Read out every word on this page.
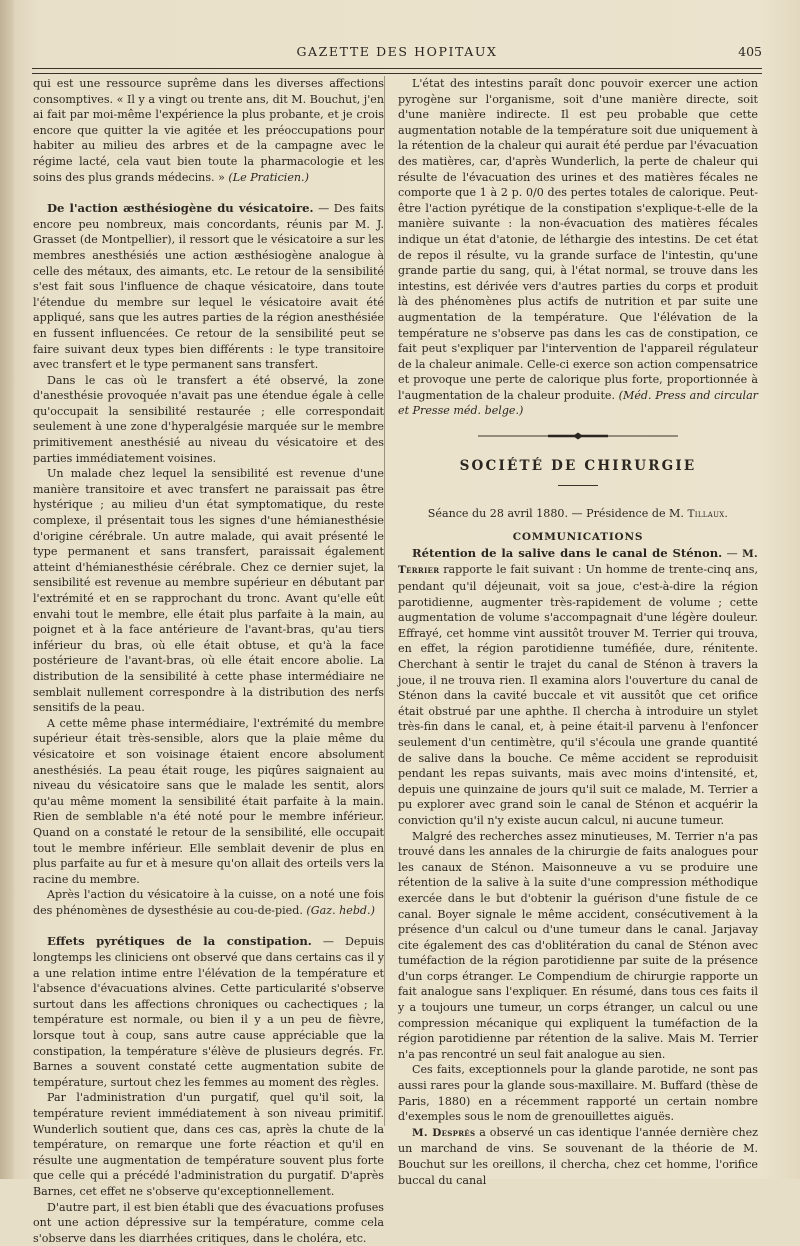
GAZETTE DES HOPITAUX	405

qui est une ressource suprême dans les diverses affections consomptives. « Il y a vingt ou trente ans, dit M. Bouchut, j'en ai fait par moi-même l'expérience la plus probante, et je crois encore que quitter la vie agitée et les préoccupations pour habiter au milieu des arbres et de la campagne avec le régime lacté, cela vaut bien toute la pharmacologie et les soins des plus grands médecins. » (Le Praticien.)

De l'action æsthésiogène du vésicatoire. — Des faits encore peu nombreux, mais concordants, réunis par M. J. Grasset (de Montpellier), il ressort que le vésicatoire a sur les membres anesthésiés une action æsthésiogène analogue à celle des métaux, des aimants, etc. Le retour de la sensibilité s'est fait sous l'influence de chaque vésicatoire, dans toute l'étendue du membre sur lequel le vésicatoire avait été appliqué, sans que les autres parties de la région anesthésiée en fussent influencées. Ce retour de la sensibilité peut se faire suivant deux types bien différents : le type transitoire avec transfert et le type permanent sans transfert.

Dans le cas où le transfert a été observé, la zone d'anesthésie provoquée n'avait pas une étendue égale à celle qu'occupait la sensibilité restaurée ; elle correspondait seulement à une zone d'hyperalgésie marquée sur le membre primitivement anesthésié au niveau du vésicatoire et des parties immédiatement voisines.

Un malade chez lequel la sensibilité est revenue d'une manière transitoire et avec transfert ne paraissait pas être hystérique ; au milieu d'un état symptomatique, du reste complexe, il présentait tous les signes d'une hémianesthésie d'origine cérébrale. Un autre malade, qui avait présenté le type permanent et sans transfert, paraissait également atteint d'hémianesthésie cérébrale. Chez ce dernier sujet, la sensibilité est revenue au membre supérieur en débutant par l'extrémité et en se rapprochant du tronc. Avant qu'elle eût envahi tout le membre, elle était plus parfaite à la main, au poignet et à la face antérieure de l'avant-bras, qu'au tiers inférieur du bras, où elle était obtuse, et qu'à la face postérieure de l'avant-bras, où elle était encore abolie. La distribution de la sensibilité à cette phase intermédiaire ne semblait nullement correspondre à la distribution des nerfs sensitifs de la peau.

A cette même phase intermédiaire, l'extrémité du membre supérieur était très-sensible, alors que la plaie même du vésicatoire et son voisinage étaient encore absolument anesthésiés. La peau était rouge, les piqûres saignaient au niveau du vésicatoire sans que le malade les sentit, alors qu'au même moment la sensibilité était parfaite à la main. Rien de semblable n'a été noté pour le membre inférieur. Quand on a constaté le retour de la sensibilité, elle occupait tout le membre inférieur. Elle semblait devenir de plus en plus parfaite au fur et à mesure qu'on allait des orteils vers la racine du membre.

Après l'action du vésicatoire à la cuisse, on a noté une fois des phénomènes de dysesthésie au cou-de-pied. (Gaz. hebd.)

Effets pyrétiques de la constipation. — Depuis longtemps les cliniciens ont observé que dans certains cas il y a une relation intime entre l'élévation de la température et l'absence d'évacuations alvines. Cette particularité s'observe surtout dans les affections chroniques ou cachectiques ; la température est normale, ou bien il y a un peu de fièvre, lorsque tout à coup, sans autre cause appréciable que la constipation, la température s'élève de plusieurs degrés. Fr. Barnes a souvent constaté cette augmentation subite de température, surtout chez les femmes au moment des règles.

Par l'administration d'un purgatif, quel qu'il soit, la température revient immédiatement à son niveau primitif. Wunderlich soutient que, dans ces cas, après la chute de la température, on remarque une forte réaction et qu'il en résulte une augmentation de température souvent plus forte que celle qui a précédé l'administration du purgatif. D'après Barnes, cet effet ne s'observe qu'exceptionnellement.

D'autre part, il est bien établi que des évacuations profuses ont une action dépressive sur la température, comme cela s'observe dans les diarrhées critiques, dans le choléra, etc.

L'état des intestins paraît donc pouvoir exercer une action pyrogène sur l'organisme, soit d'une manière directe, soit d'une manière indirecte. Il est peu probable que cette augmentation notable de la température soit due uniquement à la rétention de la chaleur qui aurait été perdue par l'évacuation des matières, car, d'après Wunderlich, la perte de chaleur qui résulte de l'évacuation des urines et des matières fécales ne comporte que 1 à 2 p. 0/0 des pertes totales de calorique. Peut-être l'action pyrétique de la constipation s'explique-t-elle de la manière suivante : la non-évacuation des matières fécales indique un état d'atonie, de léthargie des intestins. De cet état de repos il résulte, vu la grande surface de l'intestin, qu'une grande partie du sang, qui, à l'état normal, se trouve dans les intestins, est dérivée vers d'autres parties du corps et produit là des phénomènes plus actifs de nutrition et par suite une augmentation de la température. Que l'élévation de la température ne s'observe pas dans les cas de constipation, ce fait peut s'expliquer par l'intervention de l'appareil régulateur de la chaleur animale. Celle-ci exerce son action compensatrice et provoque une perte de calorique plus forte, proportionnée à l'augmentation de la chaleur produite. (Méd. Press and circular et Presse méd. belge.)

SOCIÉTÉ DE CHIRURGIE

Séance du 28 avril 1880. — Présidence de M. Tillaux.

COMMUNICATIONS

Rétention de la salive dans le canal de Sténon. — M. Terrier rapporte le fait suivant : Un homme de trente-cinq ans, pendant qu'il déjeunait, voit sa joue, c'est-à-dire la région parotidienne, augmenter très-rapidement de volume ; cette augmentation de volume s'accompagnait d'une légère douleur. Effrayé, cet homme vint aussitôt trouver M. Terrier qui trouva, en effet, la région parotidienne tuméfiée, dure, rénitente. Cherchant à sentir le trajet du canal de Sténon à travers la joue, il ne trouva rien. Il examina alors l'ouverture du canal de Sténon dans la cavité buccale et vit aussitôt que cet orifice était obstrué par une aphthe. Il chercha à introduire un stylet très-fin dans le canal, et, à peine était-il parvenu à l'enfoncer seulement d'un centimètre, qu'il s'écoula une grande quantité de salive dans la bouche. Ce même accident se reproduisit pendant les repas suivants, mais avec moins d'intensité, et, depuis une quinzaine de jours qu'il suit ce malade, M. Terrier a pu explorer avec grand soin le canal de Sténon et acquérir la conviction qu'il n'y existe aucun calcul, ni aucune tumeur.

Malgré des recherches assez minutieuses, M. Terrier n'a pas trouvé dans les annales de la chirurgie de faits analogues pour les canaux de Sténon. Maisonneuve a vu se produire une rétention de la salive à la suite d'une compression méthodique exercée dans le but d'obtenir la guérison d'une fistule de ce canal. Boyer signale le même accident, consécutivement à la présence d'un calcul ou d'une tumeur dans le canal. Jarjavay cite également des cas d'oblitération du canal de Sténon avec tuméfaction de la région parotidienne par suite de la présence d'un corps étranger. Le Compendium de chirurgie rapporte un fait analogue sans l'expliquer. En résumé, dans tous ces faits il y a toujours une tumeur, un corps étranger, un calcul ou une compression mécanique qui expliquent la tuméfaction de la région parotidienne par rétention de la salive. Mais M. Terrier n'a pas rencontré un seul fait analogue au sien.

Ces faits, exceptionnels pour la glande parotide, ne sont pas aussi rares pour la glande sous-maxillaire. M. Buffard (thèse de Paris, 1880) en a récemment rapporté un certain nombre d'exemples sous le nom de grenouillettes aiguës.

M. Després a observé un cas identique l'année dernière chez un marchand de vins. Se souvenant de la théorie de M. Bouchut sur les oreillons, il chercha, chez cet homme, l'orifice buccal du canal
